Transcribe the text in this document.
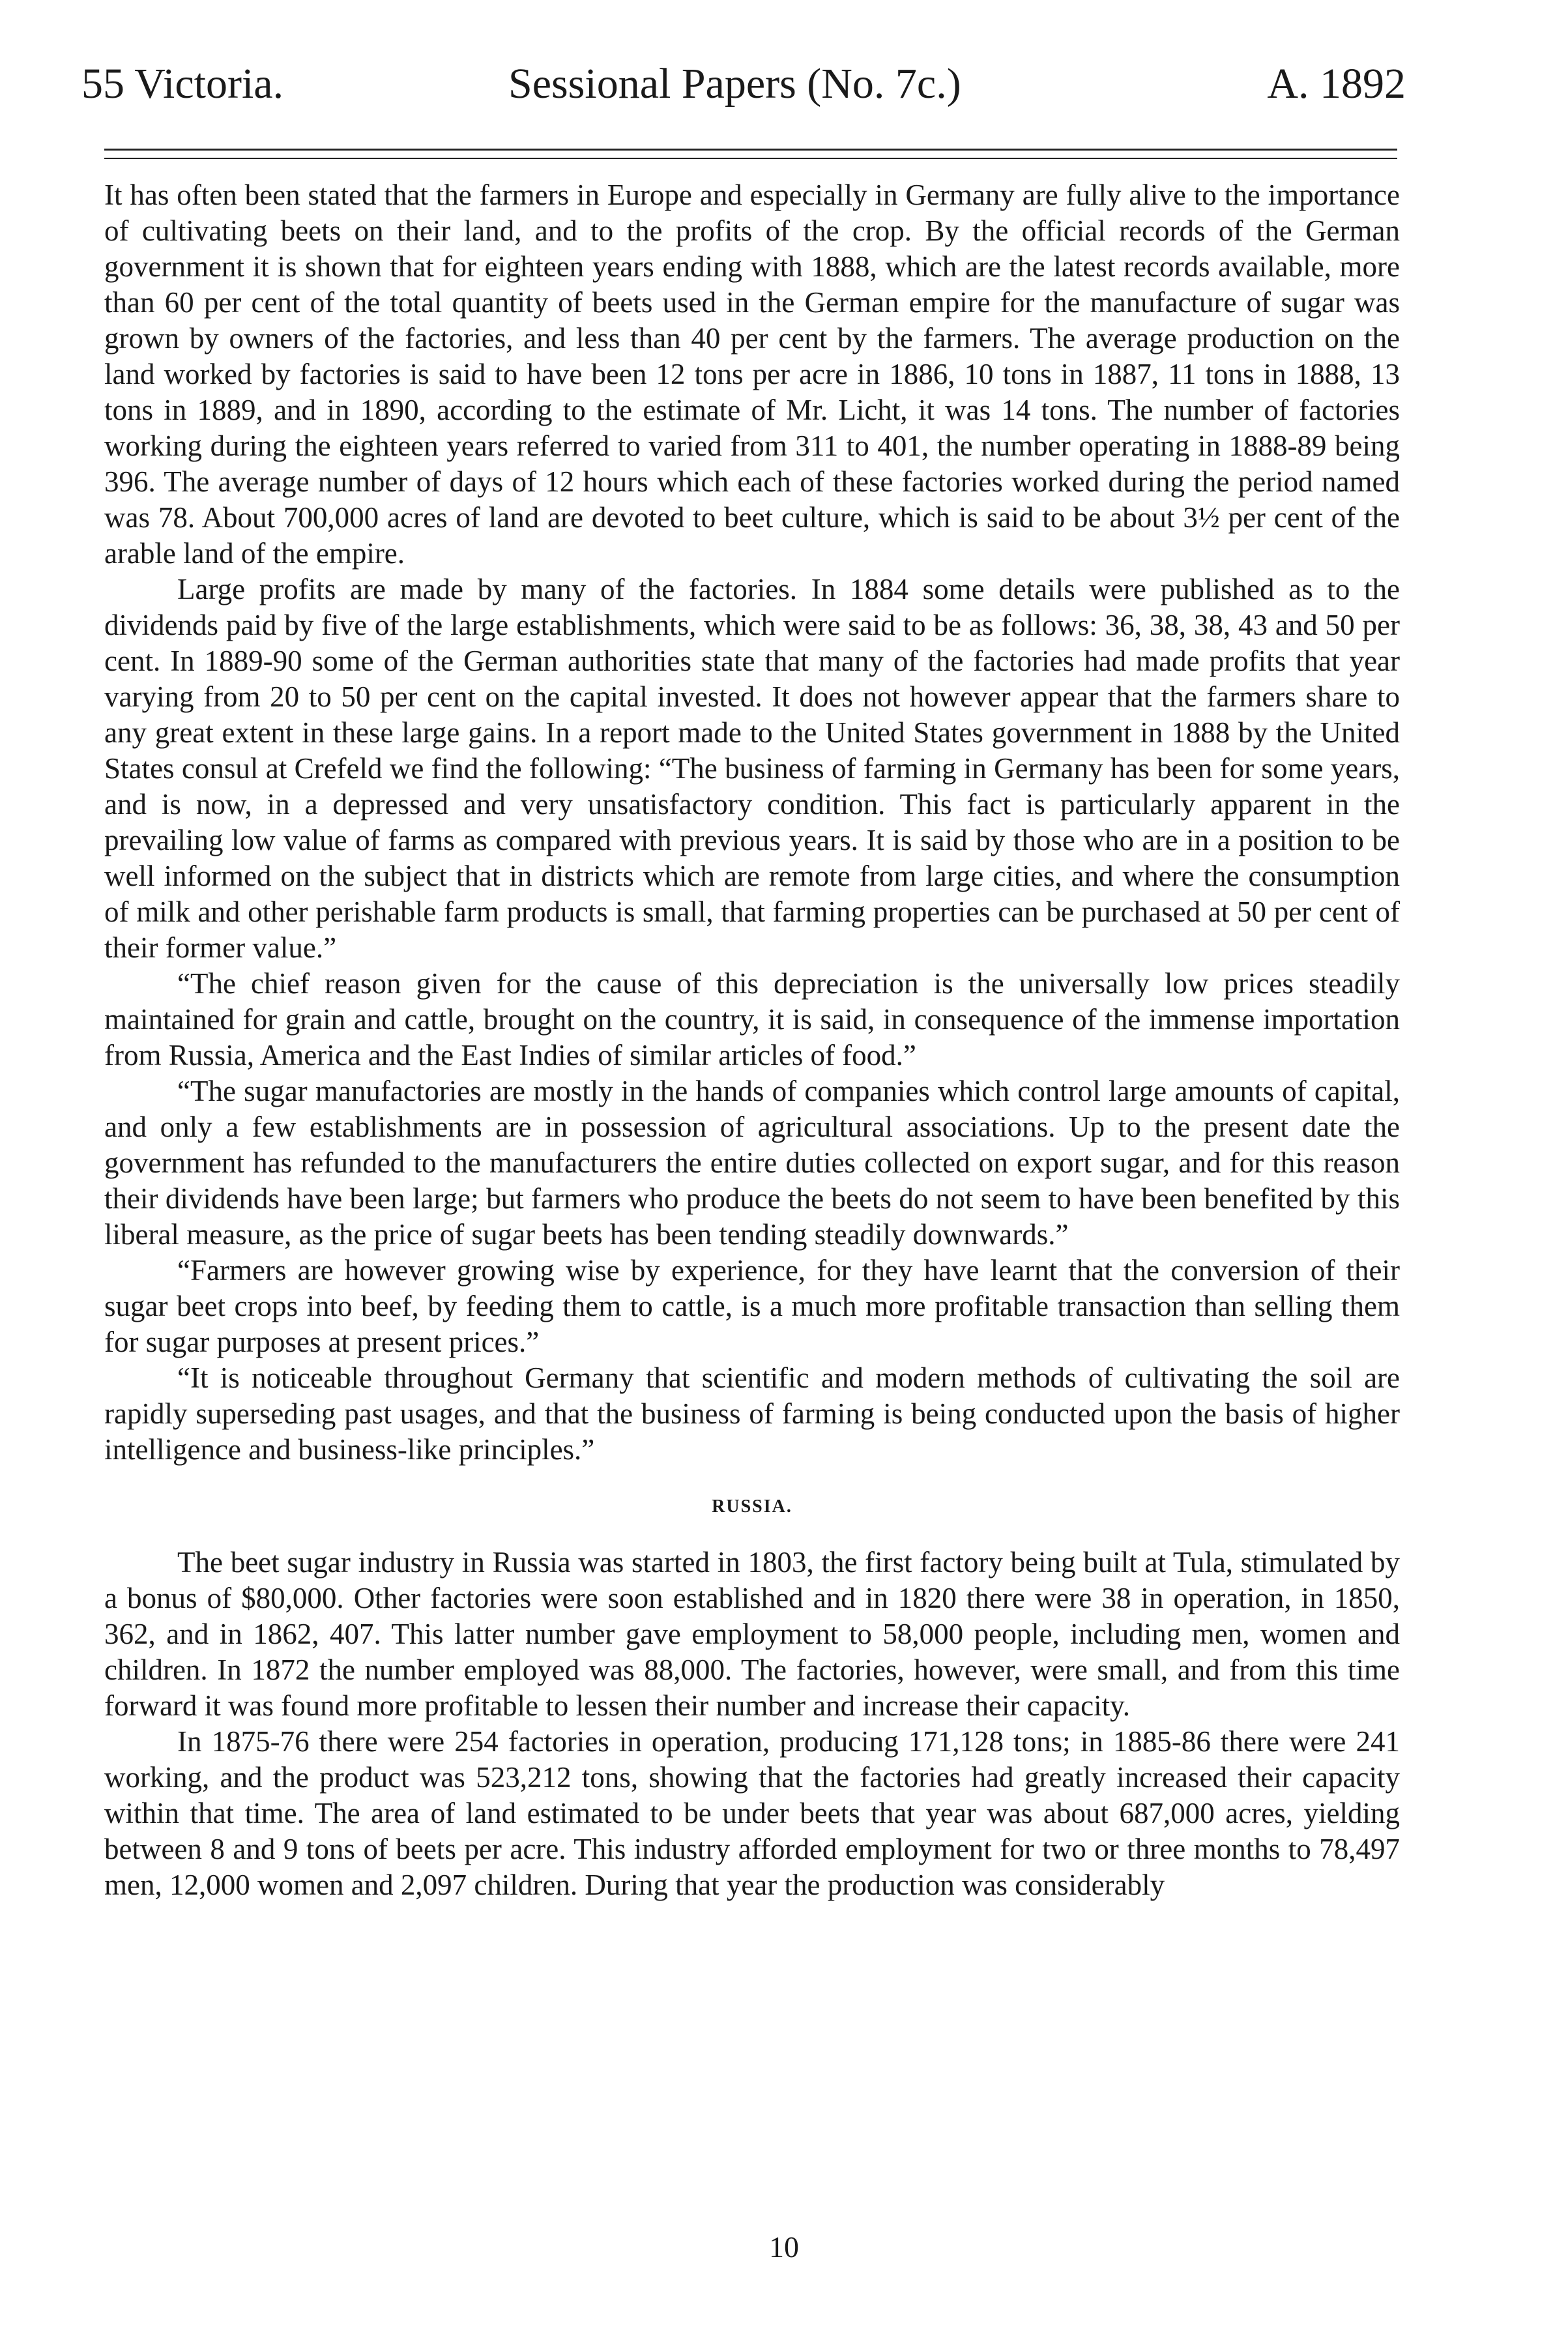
55 Victoria.	Sessional Papers (No. 7c.)	A. 1892

It has often been stated that the farmers in Europe and especially in Germany are fully alive to the importance of cultivating beets on their land, and to the profits of the crop. By the official records of the German government it is shown that for eighteen years ending with 1888, which are the latest records available, more than 60 per cent of the total quantity of beets used in the German empire for the manufacture of sugar was grown by owners of the factories, and less than 40 per cent by the farmers. The average production on the land worked by factories is said to have been 12 tons per acre in 1886, 10 tons in 1887, 11 tons in 1888, 13 tons in 1889, and in 1890, according to the estimate of Mr. Licht, it was 14 tons. The number of factories working during the eighteen years referred to varied from 311 to 401, the number operating in 1888-89 being 396. The average number of days of 12 hours which each of these factories worked during the period named was 78. About 700,000 acres of land are devoted to beet culture, which is said to be about 3½ per cent of the arable land of the empire.

Large profits are made by many of the factories. In 1884 some details were published as to the dividends paid by five of the large establishments, which were said to be as follows: 36, 38, 38, 43 and 50 per cent. In 1889-90 some of the German authorities state that many of the factories had made profits that year varying from 20 to 50 per cent on the capital invested. It does not however appear that the farmers share to any great extent in these large gains. In a report made to the United States government in 1888 by the United States consul at Crefeld we find the following: “The business of farming in Germany has been for some years, and is now, in a depressed and very unsatisfactory condition. This fact is particularly apparent in the prevailing low value of farms as compared with previous years. It is said by those who are in a position to be well informed on the subject that in districts which are remote from large cities, and where the consumption of milk and other perishable farm products is small, that farming properties can be purchased at 50 per cent of their former value.”

“The chief reason given for the cause of this depreciation is the universally low prices steadily maintained for grain and cattle, brought on the country, it is said, in consequence of the immense importation from Russia, America and the East Indies of similar articles of food.”

“The sugar manufactories are mostly in the hands of companies which control large amounts of capital, and only a few establishments are in possession of agricultural associations. Up to the present date the government has refunded to the manufacturers the entire duties collected on export sugar, and for this reason their dividends have been large; but farmers who produce the beets do not seem to have been benefited by this liberal measure, as the price of sugar beets has been tending steadily downwards.”

“Farmers are however growing wise by experience, for they have learnt that the conversion of their sugar beet crops into beef, by feeding them to cattle, is a much more profitable transaction than selling them for sugar purposes at present prices.”

“It is noticeable throughout Germany that scientific and modern methods of cultivating the soil are rapidly superseding past usages, and that the business of farming is being conducted upon the basis of higher intelligence and business-like principles.”

RUSSIA.

The beet sugar industry in Russia was started in 1803, the first factory being built at Tula, stimulated by a bonus of $80,000. Other factories were soon established and in 1820 there were 38 in operation, in 1850, 362, and in 1862, 407. This latter number gave employment to 58,000 people, including men, women and children. In 1872 the number employed was 88,000. The factories, however, were small, and from this time forward it was found more profitable to lessen their number and increase their capacity.

In 1875-76 there were 254 factories in operation, producing 171,128 tons; in 1885-86 there were 241 working, and the product was 523,212 tons, showing that the factories had greatly increased their capacity within that time. The area of land estimated to be under beets that year was about 687,000 acres, yielding between 8 and 9 tons of beets per acre. This industry afforded employment for two or three months to 78,497 men, 12,000 women and 2,097 children. During that year the production was considerably

10
